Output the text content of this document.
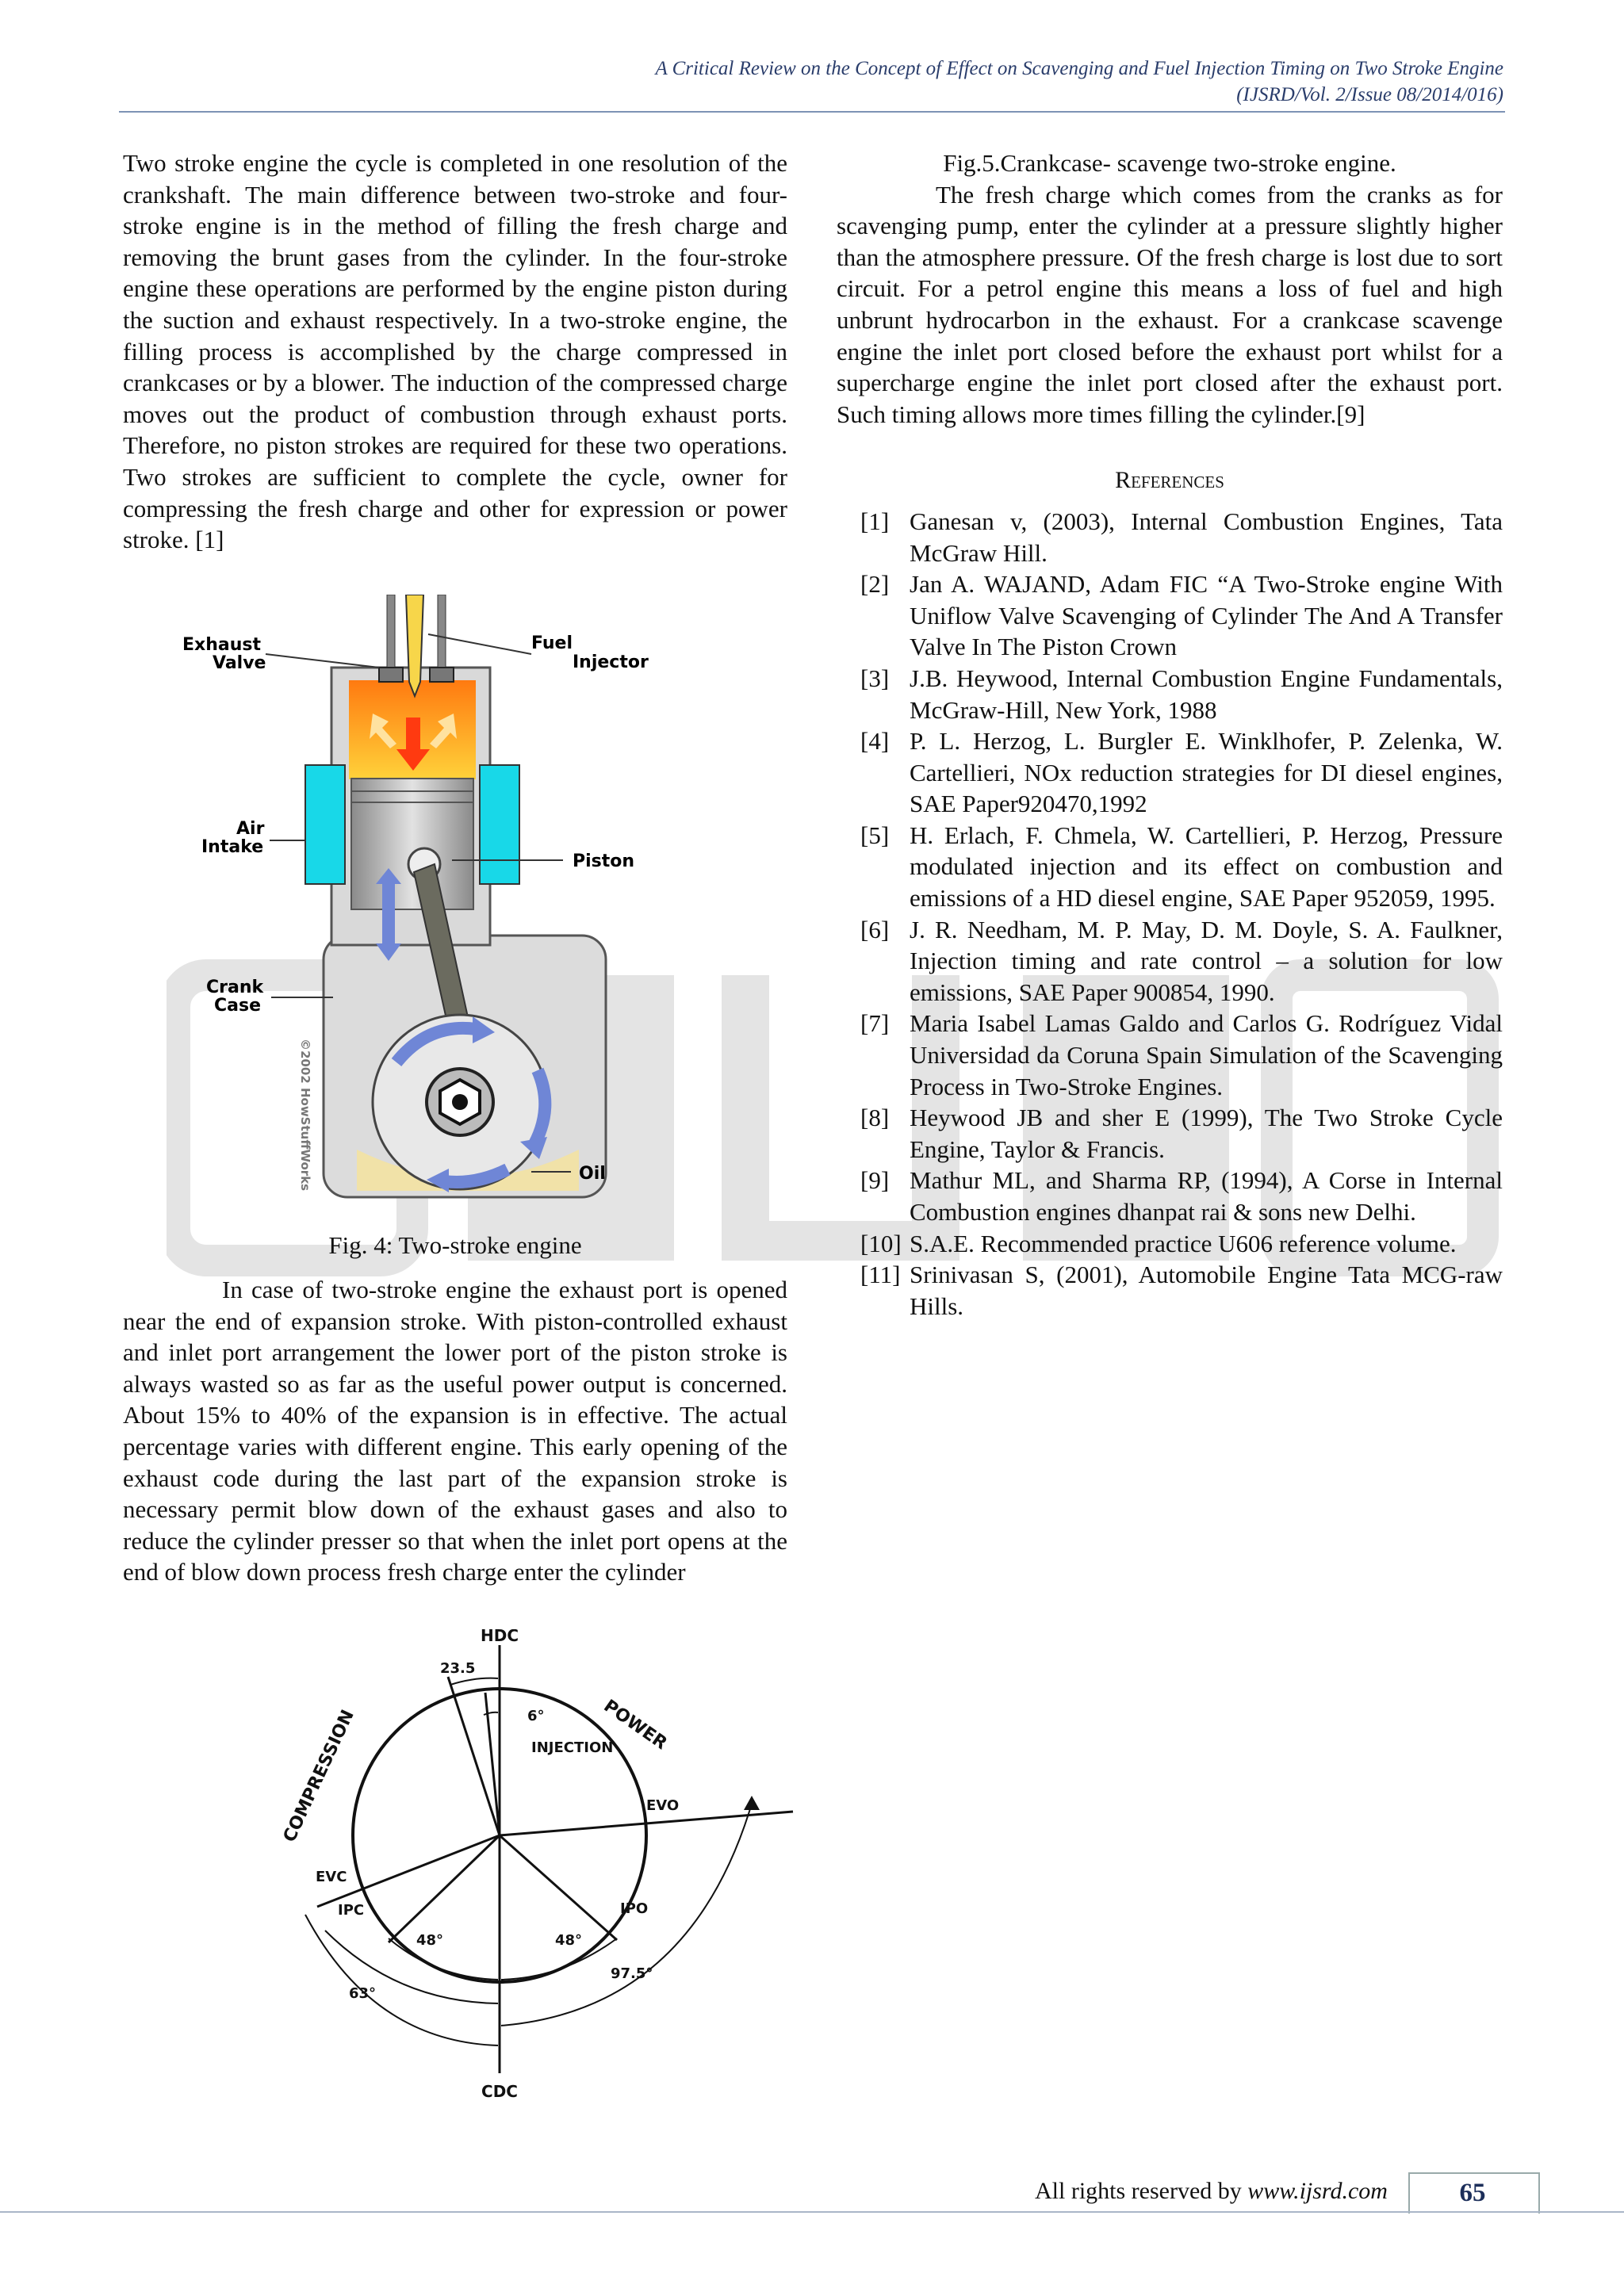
A Critical Review on the Concept of Effect on Scavenging and Fuel Injection Timing on Two Stroke Engine
(IJSRD/Vol. 2/Issue 08/2014/016)

Two stroke engine the cycle is completed in one resolution of the crankshaft. The main difference between two-stroke and four-stroke engine is in the method of filling the fresh charge and removing the brunt gases from the cylinder. In the four-stroke engine these operations are performed by the engine piston during the suction and exhaust respectively. In a two-stroke engine, the filling process is accomplished by the charge compressed in crankcases or by a blower. The induction of the compressed charge moves out the product of combustion through exhaust ports. Therefore, no piston strokes are required for these two operations. Two strokes are sufficient to complete the cycle, owner for compressing the fresh charge and other for expression or power stroke. [1]

Exhaust
Valve
Fuel
Injector
Air
Intake
Piston
Crank
Case
Oil
©2002 HowStuffWorks
Fig. 4: Two-stroke engine

In case of two-stroke engine the exhaust port is opened near the end of expansion stroke. With piston-controlled exhaust and inlet port arrangement the lower port of the piston stroke is always wasted so as far as the useful power output is concerned. About 15% to 40% of the expansion is in effective. The actual percentage varies with different engine. This early opening of the exhaust code during the last part of the expansion stroke is necessary permit blow down of the exhaust gases and also to reduce the cylinder presser so that when the inlet port opens at the end of blow down process fresh charge enter the cylinder

HDC
CDC
23.5
6°
INJECTION
POWER
COMPRESSION	EVO
EVC
IPC	IPO
48°	48°
63°
97.5°

Fig.5.Crankcase- scavenge two-stroke engine.

The fresh charge which comes from the cranks as for scavenging pump, enter the cylinder at a pressure slightly higher than the atmosphere pressure. Of the fresh charge is lost due to sort circuit. For a petrol engine this means a loss of fuel and high unbrunt hydrocarbon in the exhaust. For a crankcase scavenge engine the inlet port closed before the exhaust port whilst for a supercharge engine the inlet port closed after the exhaust port. Such timing allows more times filling the cylinder.[9]

References
[1] Ganesan v, (2003), Internal Combustion Engines, Tata McGraw Hill.
[2] Jan A. WAJAND, Adam FIC “A Two-Stroke engine With Uniflow Valve Scavenging of Cylinder The And A Transfer Valve In The Piston Crown
[3] J.B. Heywood, Internal Combustion Engine Fundamentals, McGraw-Hill, New York, 1988
[4] P. L. Herzog, L. Burgler E. Winklhofer, P. Zelenka, W. Cartellieri, NOx reduction strategies for DI diesel engines, SAE Paper920470,1992
[5] H. Erlach, F. Chmela, W. Cartellieri, P. Herzog, Pressure modulated injection and its effect on combustion and emissions of a HD diesel engine, SAE Paper 952059, 1995.
[6] J. R. Needham, M. P. May, D. M. Doyle, S. A. Faulkner, Injection timing and rate control – a solution for low emissions, SAE Paper 900854, 1990.
[7] Maria Isabel Lamas Galdo and Carlos G. Rodríguez Vidal Universidad da Coruna Spain Simulation of the Scavenging Process in Two-Stroke Engines.
[8] Heywood JB and sher E (1999), The Two Stroke Cycle Engine, Taylor & Francis.
[9] Mathur ML, and Sharma RP, (1994), A Corse in Internal Combustion engines dhanpat rai & sons new Delhi.
[10] S.A.E. Recommended practice U606 reference volume.
[11] Srinivasan S, (2001), Automobile Engine Tata MCG-raw Hills.
All rights reserved by www.ijsrd.com	65
